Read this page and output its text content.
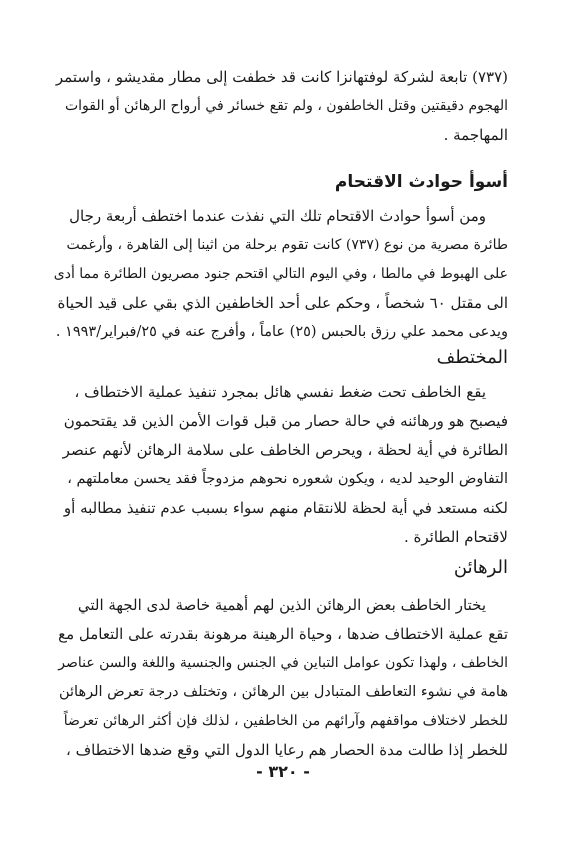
(٧٣٧) تابعة لشركة لوفتهانزا كانت قد خطفت إلى مطار مقديشو ، واستمر
الهجوم دقيقتين وقتل الخاطفون ، ولم تقع خسائر في أرواح الرهائن أو القوات
المهاجمة .
أسوأ حوادث الاقتحام
ومن أسوأ حوادث الاقتحام تلك التي نفذت عندما اختطف أربعة رجال
طائرة مصرية من نوع (٧٣٧) كانت تقوم برحلة من اثينا إلى القاهرة ، وأرغمت
على الهبوط في مالطا ، وفي اليوم التالي اقتحم جنود مصريون الطائرة مما أدى
الى مقتل ٦٠ شخصاً ، وحكم على أحد الخاطفين الذي بقي على قيد الحياة
ويدعى محمد علي رزق بالحبس (٢٥) عاماً ، وأفرج عنه في ٢٥/فبراير/١٩٩٣ .
المختطف
يقع الخاطف تحت ضغط نفسي هائل بمجرد تنفيذ عملية الاختطاف ،
فيصبح هو ورهائنه في حالة حصار من قبل قوات الأمن الذين قد يقتحمون
الطائرة في أية لحظة ، ويحرص الخاطف على سلامة الرهائن لأنهم عنصر
التفاوض الوحيد لديه ، ويكون شعوره نحوهم مزدوجاً فقد يحسن معاملتهم ،
لكنه مستعد في أية لحظة للانتقام منهم سواء بسبب عدم تنفيذ مطالبه أو
لاقتحام الطائرة .
الرهائن
يختار الخاطف بعض الرهائن الذين لهم أهمية خاصة لدى الجهة التي
تقع عملية الاختطاف ضدها ، وحياة الرهينة مرهونة بقدرته على التعامل مع
الخاطف ، ولهذا تكون عوامل التباين في الجنس والجنسية واللغة والسن عناصر
هامة في نشوء التعاطف المتبادل بين الرهائن ، وتختلف درجة تعرض الرهائن
للخطر لاختلاف مواقفهم وآرائهم من الخاطفين ، لذلك فإن أكثر الرهائن تعرضاً
للخطر إذا طالت مدة الحصار هم رعايا الدول التي وقع ضدها الاختطاف ،
- ٣٢٠ -
